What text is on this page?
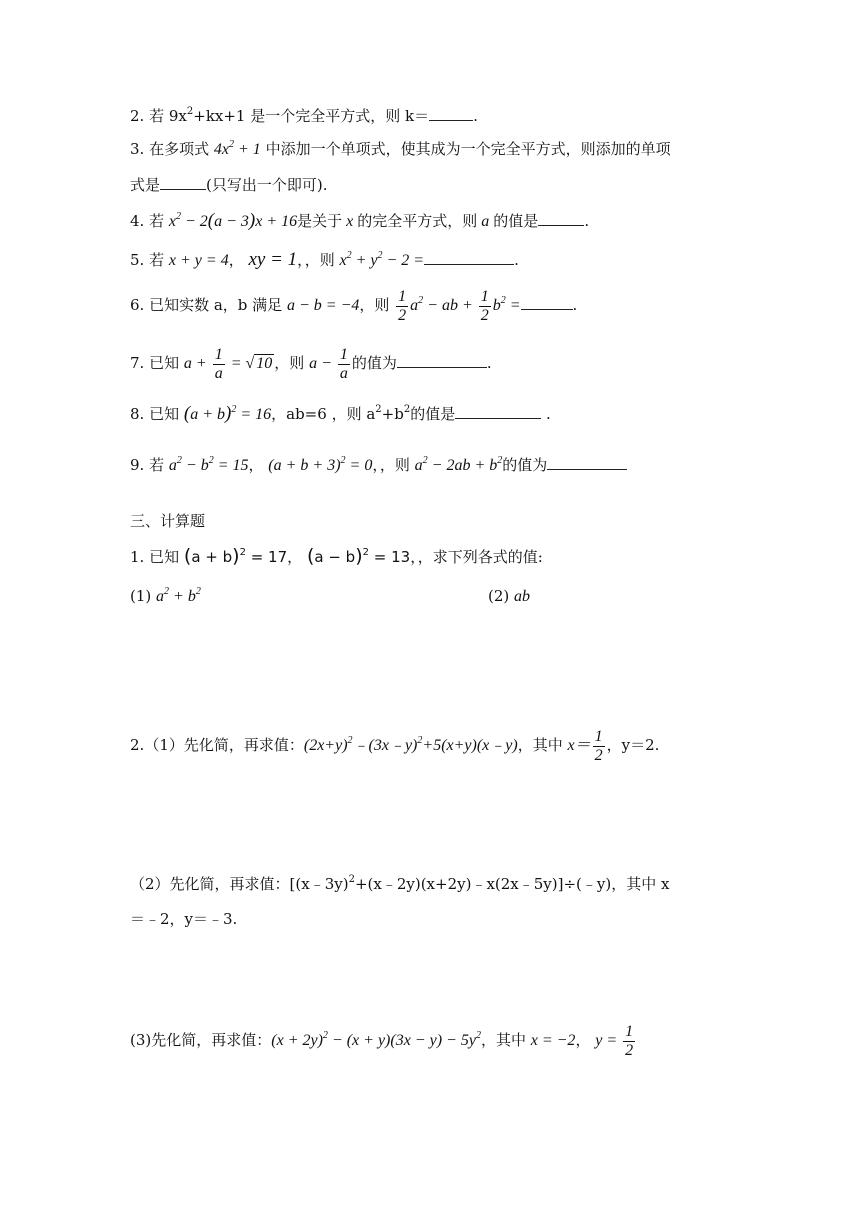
2. 若 $9x^2+kx+1$ 是一个完全平方式，则 k＝	.
3. 在多项式 $4x^2 + 1$ 中添加一个单项式，使其成为一个完全平方式，则添加的单项
式是	(只写出一个即可).
4. 若 $x^2 - 2(a - 3)x + 16$是关于 x 的完全平方式，则 a 的值是	.
5. 若 x + y = 4， xy = 1，，则 $x^2 + y^2 - 2$ =	.
6. 已知实数 a，b 满足 a − b = −4，则 $\frac{1}{2} a^2$ − ab + $\frac{1}{2} b^2$ =	.
7. 已知 $a + \frac{1}{a}$ = √ 10 ，则 $a - \frac{1}{a}$ 的值为	.
8. 已知 $(a + b)^2 = 16$，ab=6 ，则 $a^2+b^2$的值是	.
9. 若 $a^2 - b^2 = 15$， $(a + b + 3)^2 = 0$，，则 $a^2 - 2ab + b^2$的值为
三、计算题
1. 已知 $(a + b)^2 = 17$， $(a - b)^2 = 13$，，求下列各式的值:
(1) $a^2 + b^2$	(2) ab
2.（1）先化简，再求值：$(2x+y)^2﹣(3x﹣y)^2+5(x+y)(x﹣y)$，其中 $x= \frac{1}{2}$ ，y＝2.
（2）先化简，再求值：[(x﹣3y)$^2$+(x﹣2y)(x+2y)﹣x(2x﹣5y)]÷(﹣y)，其中 x
＝﹣2，y＝﹣3.
(3)先化简，再求值：$(x + 2y)^2 - (x + y)(3x - y) - 5y^2$，其中 x = −2， $y = \frac{1}{2}$
